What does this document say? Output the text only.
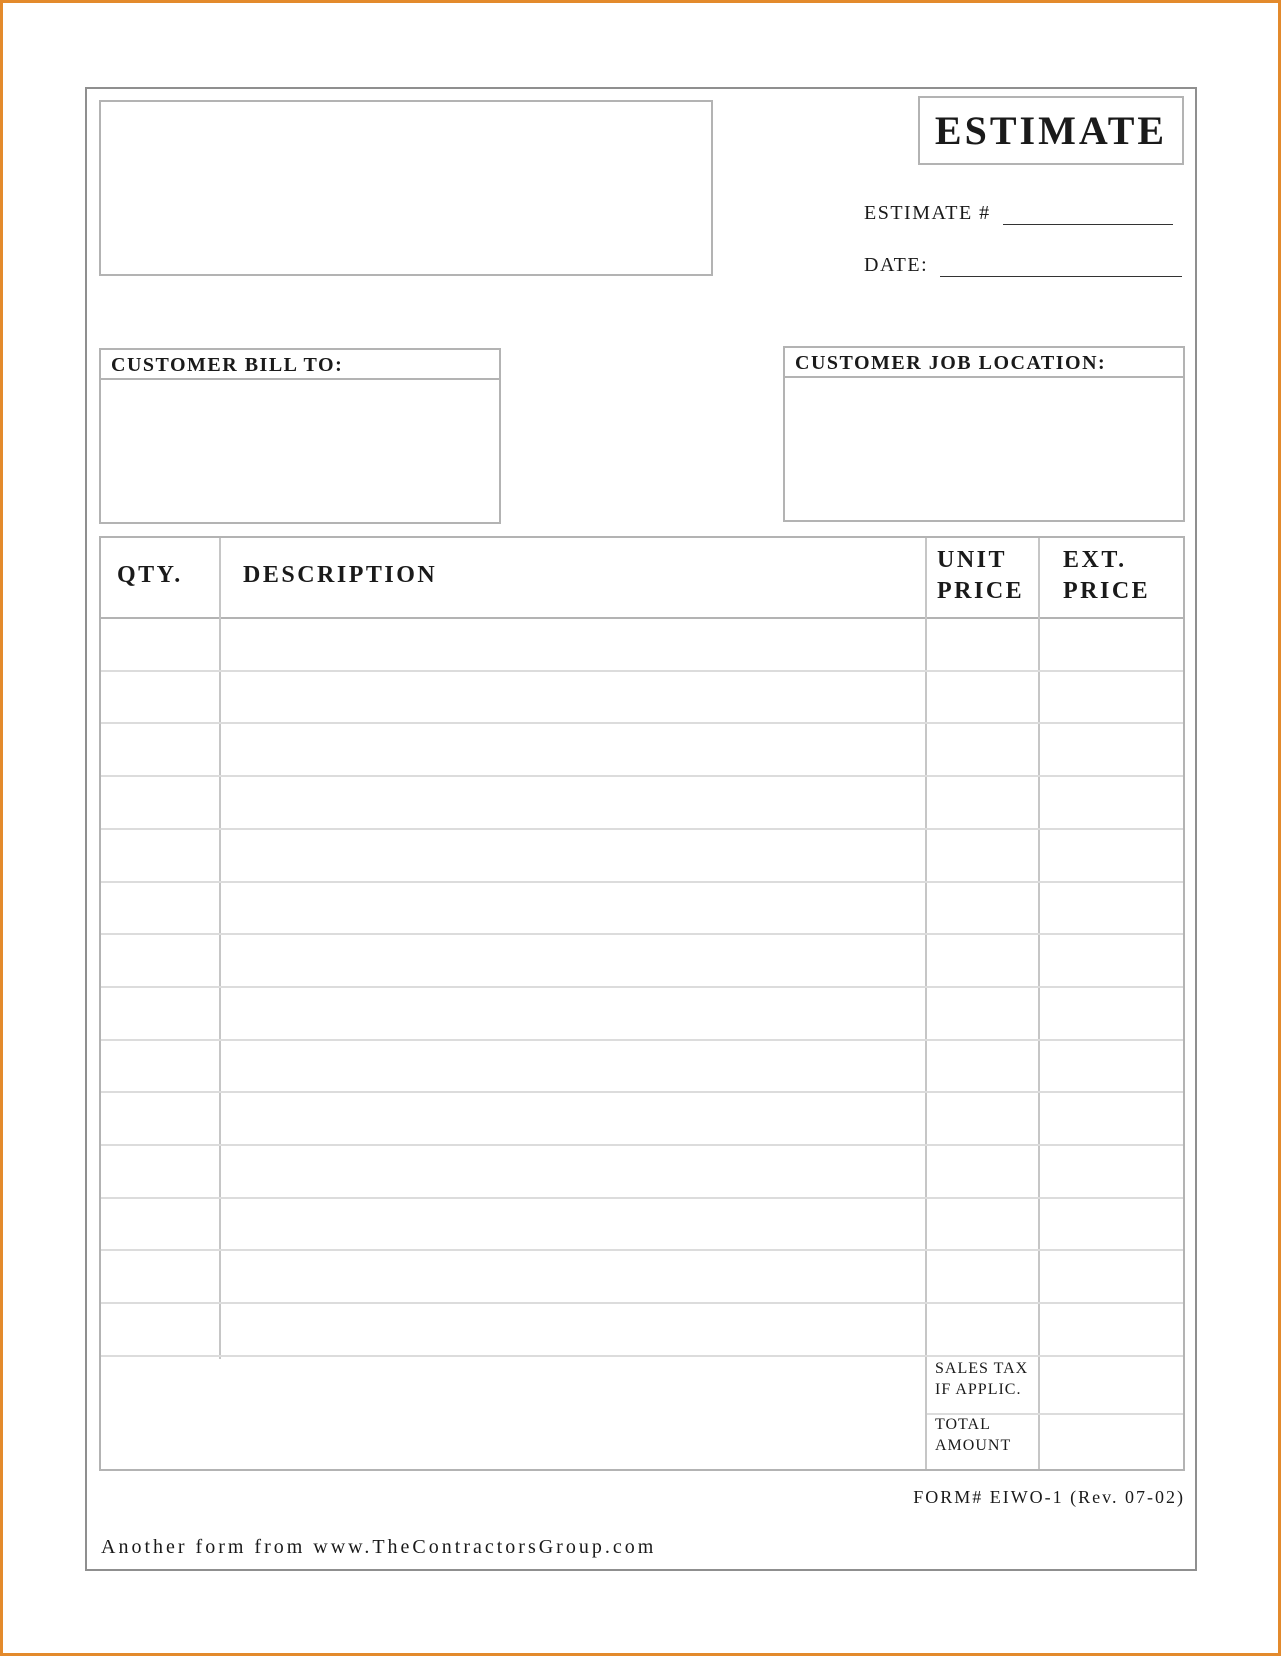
ESTIMATE
ESTIMATE #
DATE:
CUSTOMER BILL TO:	CUSTOMER JOB LOCATION:
QTY.	DESCRIPTION
UNIT
PRICE
EXT.
PRICE
SALES TAX
IF APPLIC.
TOTAL
AMOUNT
FORM# EIWO-1 (Rev. 07-02)
Another form from www.TheContractorsGroup.com
